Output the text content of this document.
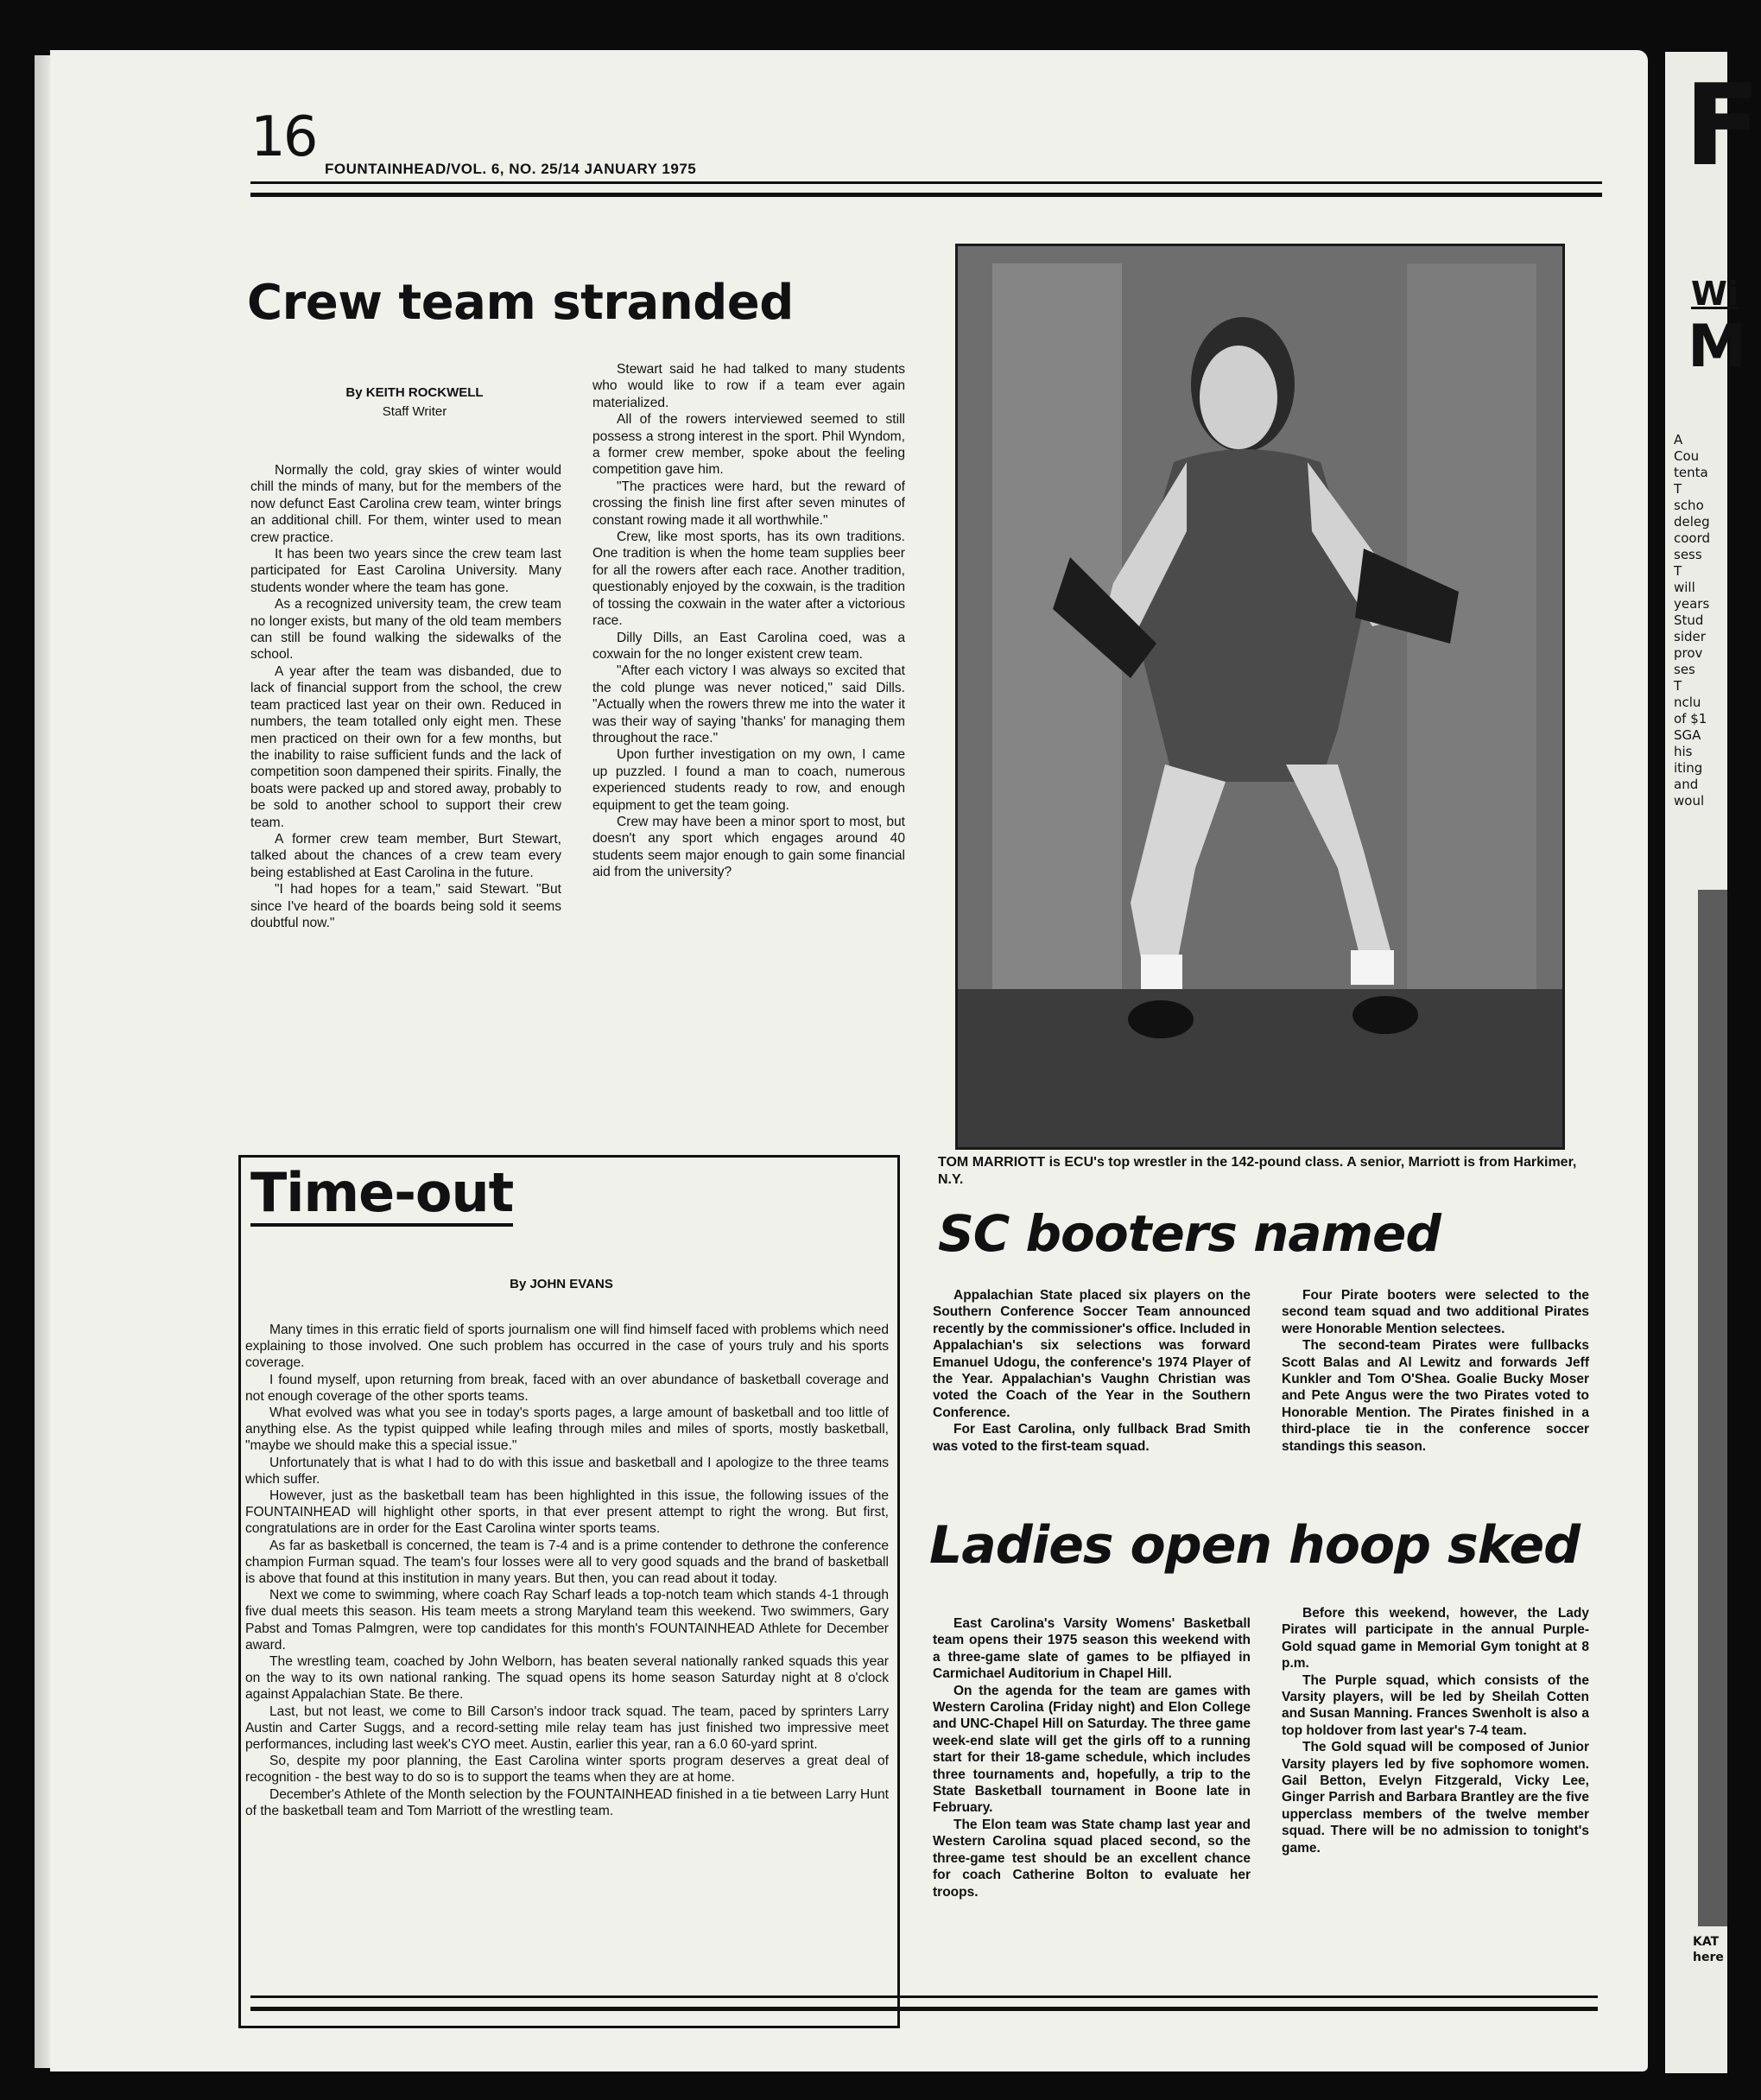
16 FOUNTAINHEAD/VOL. 6, NO. 25/14 JANUARY 1975
Crew team stranded
By KEITH ROCKWELL
Staff Writer

Normally the cold, gray skies of winter would chill the minds of many, but for the members of the now defunct East Carolina crew team, winter brings an additional chill. For them, winter used to mean crew practice.

It has been two years since the crew team last participated for East Carolina University. Many students wonder where the team has gone.

As a recognized university team, the crew team no longer exists, but many of the old team members can still be found walking the sidewalks of the school.

A year after the team was disbanded, due to lack of financial support from the school, the crew team practiced last year on their own. Reduced in numbers, the team totalled only eight men. These men practiced on their own for a few months, but the inability to raise sufficient funds and the lack of competition soon dampened their spirits. Finally, the boats were packed up and stored away, probably to be sold to another school to support their crew team.

A former crew team member, Burt Stewart, talked about the chances of a crew team every being established at East Carolina in the future.

"I had hopes for a team," said Stewart. "But since I've heard of the boards being sold it seems doubtful now."

Stewart said he had talked to many students who would like to row if a team ever again materialized.

All of the rowers interviewed seemed to still possess a strong interest in the sport. Phil Wyndom, a former crew member, spoke about the feeling competition gave him.

"The practices were hard, but the reward of crossing the finish line first after seven minutes of constant rowing made it all worthwhile."

Crew, like most sports, has its own traditions. One tradition is when the home team supplies beer for all the rowers after each race. Another tradition, questionably enjoyed by the coxwain, is the tradition of tossing the coxwain in the water after a victorious race.

Dilly Dills, an East Carolina coed, was a coxwain for the no longer existent crew team.

"After each victory I was always so excited that the cold plunge was never noticed," said Dills. "Actually when the rowers threw me into the water it was their way of saying 'thanks' for managing them throughout the race."

Upon further investigation on my own, I came up puzzled. I found a man to coach, numerous experienced students ready to row, and enough equipment to get the team going.

Crew may have been a minor sport to most, but doesn't any sport which engages around 40 students seem major enough to gain some financial aid from the university?

TOM MARRIOTT is ECU's top wrestler in the 142-pound class. A senior, Marriott is from Harkimer, N.Y.
Time-out
By JOHN EVANS

Many times in this erratic field of sports journalism one will find himself faced with problems which need explaining to those involved. One such problem has occurred in the case of yours truly and his sports coverage.

I found myself, upon returning from break, faced with an over abundance of basketball coverage and not enough coverage of the other sports teams.

What evolved was what you see in today's sports pages, a large amount of basketball and too little of anything else. As the typist quipped while leafing through miles and miles of sports, mostly basketball, "maybe we should make this a special issue."

Unfortunately that is what I had to do with this issue and basketball and I apologize to the three teams which suffer.

However, just as the basketball team has been highlighted in this issue, the following issues of the FOUNTAINHEAD will highlight other sports, in that ever present attempt to right the wrong. But first, congratulations are in order for the East Carolina winter sports teams.

As far as basketball is concerned, the team is 7-4 and is a prime contender to dethrone the conference champion Furman squad. The team's four losses were all to very good squads and the brand of basketball is above that found at this institution in many years. But then, you can read about it today.

Next we come to swimming, where coach Ray Scharf leads a top-notch team which stands 4-1 through five dual meets this season. His team meets a strong Maryland team this weekend. Two swimmers, Gary Pabst and Tomas Palmgren, were top candidates for this month's FOUNTAINHEAD Athlete for December award.

The wrestling team, coached by John Welborn, has beaten several nationally ranked squads this year on the way to its own national ranking. The squad opens its home season Saturday night at 8 o'clock against Appalachian State. Be there.

Last, but not least, we come to Bill Carson's indoor track squad. The team, paced by sprinters Larry Austin and Carter Suggs, and a record-setting mile relay team has just finished two impressive meet performances, including last week's CYO meet. Austin, earlier this year, ran a 6.0 60-yard sprint.

So, despite my poor planning, the East Carolina winter sports program deserves a great deal of recognition - the best way to do so is to support the teams when they are at home.

December's Athlete of the Month selection by the FOUNTAINHEAD finished in a tie between Larry Hunt of the basketball team and Tom Marriott of the wrestling team.

SC booters named

Appalachian State placed six players on the Southern Conference Soccer Team announced recently by the commissioner's office. Included in Appalachian's six selections was forward Emanuel Udogu, the conference's 1974 Player of the Year. Appalachian's Vaughn Christian was voted the Coach of the Year in the Southern Conference.

For East Carolina, only fullback Brad Smith was voted to the first-team squad.

Four Pirate booters were selected to the second team squad and two additional Pirates were Honorable Mention selectees.

The second-team Pirates were fullbacks Scott Balas and Al Lewitz and forwards Jeff Kunkler and Tom O'Shea. Goalie Bucky Moser and Pete Angus were the two Pirates voted to Honorable Mention. The Pirates finished in a third-place tie in the conference soccer standings this season.

Ladies open hoop sked

East Carolina's Varsity Womens' Basketball team opens their 1975 season this weekend with a three-game slate of games to be plfiayed in Carmichael Auditorium in Chapel Hill.

On the agenda for the team are games with Western Carolina (Friday night) and Elon College and UNC-Chapel Hill on Saturday. The three game week-end slate will get the girls off to a running start for their 18-game schedule, which includes three tournaments and, hopefully, a trip to the State Basketball tournament in Boone late in February.

The Elon team was State champ last year and Western Carolina squad placed second, so the three-game test should be an excellent chance for coach Catherine Bolton to evaluate her troops.

Before this weekend, however, the Lady Pirates will participate in the annual Purple-Gold squad game in Memorial Gym tonight at 8 p.m.

The Purple squad, which consists of the Varsity players, will be led by Sheilah Cotten and Susan Manning. Frances Swenholt is also a top holdover from last year's 7-4 team.

The Gold squad will be composed of Junior Varsity players led by five sophomore women. Gail Betton, Evelyn Fitzgerald, Vicky Lee, Ginger Parrish and Barbara Brantley are the five upperclass members of the twelve member squad. There will be no admission to tonight's game.

F
Wi
M
A
Cou
tenta
T
scho
deleg
coord
sess
T
will
years
Stud
sider
prov
ses
T
nclu
of $1
SGA
his
iting
and
woul
KAT
here
